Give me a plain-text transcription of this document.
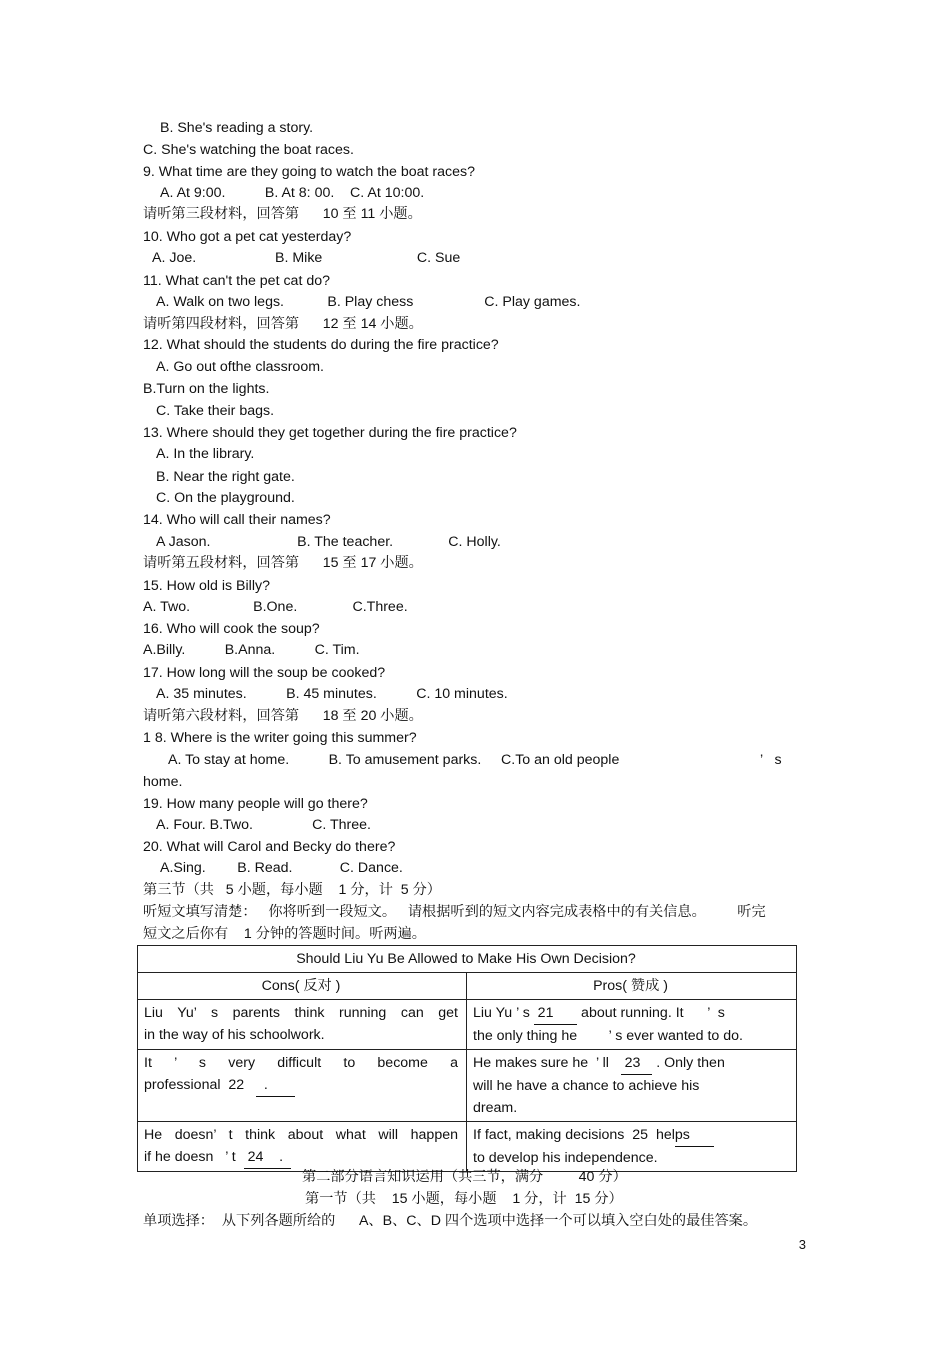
B. She's reading a story.
C. She's watching the boat races.
9. What time are they going to watch the boat races?
A. At 9:00.          B. At 8: 00.    C. At 10:00.
请听第三段材料，回答第      10 至 11 小题。
10. Who got a pet cat yesterday?
A. Joe.                    B. Mike                        C. Sue
11. What can't the pet cat do?
A. Walk on two legs.           B. Play chess                  C. Play games.
请听第四段材料，回答第      12 至 14 小题。
12. What should the students do during the fire practice?
A. Go out ofthe classroom.
B.Turn on the lights.
C. Take their bags.
13. Where should they get together during the fire practice?
A. In the library.
B. Near the right gate.
C. On the playground.
14. Who will call their names?
A Jason.                      B. The teacher.              C. Holly.
请听第五段材料，回答第      15 至 17 小题。
15. How old is Billy?
A. Two.                B.One.              C.Three.
16. Who will cook the soup?
A.Billy.          B.Anna.          C. Tim.
17. How long will the soup be cooked?
A. 35 minutes.          B. 45 minutes.          C. 10 minutes.
请听第六段材料，回答第      18 至 20 小题。
1 8. Where is the writer going this summer?
A. To stay at home.          B. To amusement parks.     C.To an old people	’   s
home.
19. How many people will go there?
A. Four. B.Two.               C. Three.
20. What will Carol and Becky do there?
A.Sing.        B. Read.            C. Dance.
第三节（共   5 小题，每小题    1 分，计  5 分）
听短文填写清楚：   你将听到一段短文。   请根据听到的短文内容完成表格中的有关信息。        听完
短文之后你有    1 分钟的答题时间。听两遍。
Should Liu Yu Be Allowed to Make His Own Decision?	
Cons( 反对 )	Pros( 赞成 )

Liu Yu’ s parents think running can get
in the way of his schoolwork.	Liu Yu ’ s  21       about running. It      ’  s
the only thing he        ’ s ever wanted to do.

It ’ s very difficult to become a
professional  22     .	He makes sure he  ’ ll    23    . Only then
will he have a chance to achieve his
dream.

He doesn’ t think about what will happen
if he doesn   ’ t   24    .	If fact, making decisions  25  helps
to develop his independence.
第二部分语言知识运用（共三节，满分         40 分）
第一节（共    15 小题，每小题    1 分，计  15 分）
单项选择：  从下列各题所给的      A、B、C、D 四个选项中选择一个可以填入空白处的最佳答案。
3
